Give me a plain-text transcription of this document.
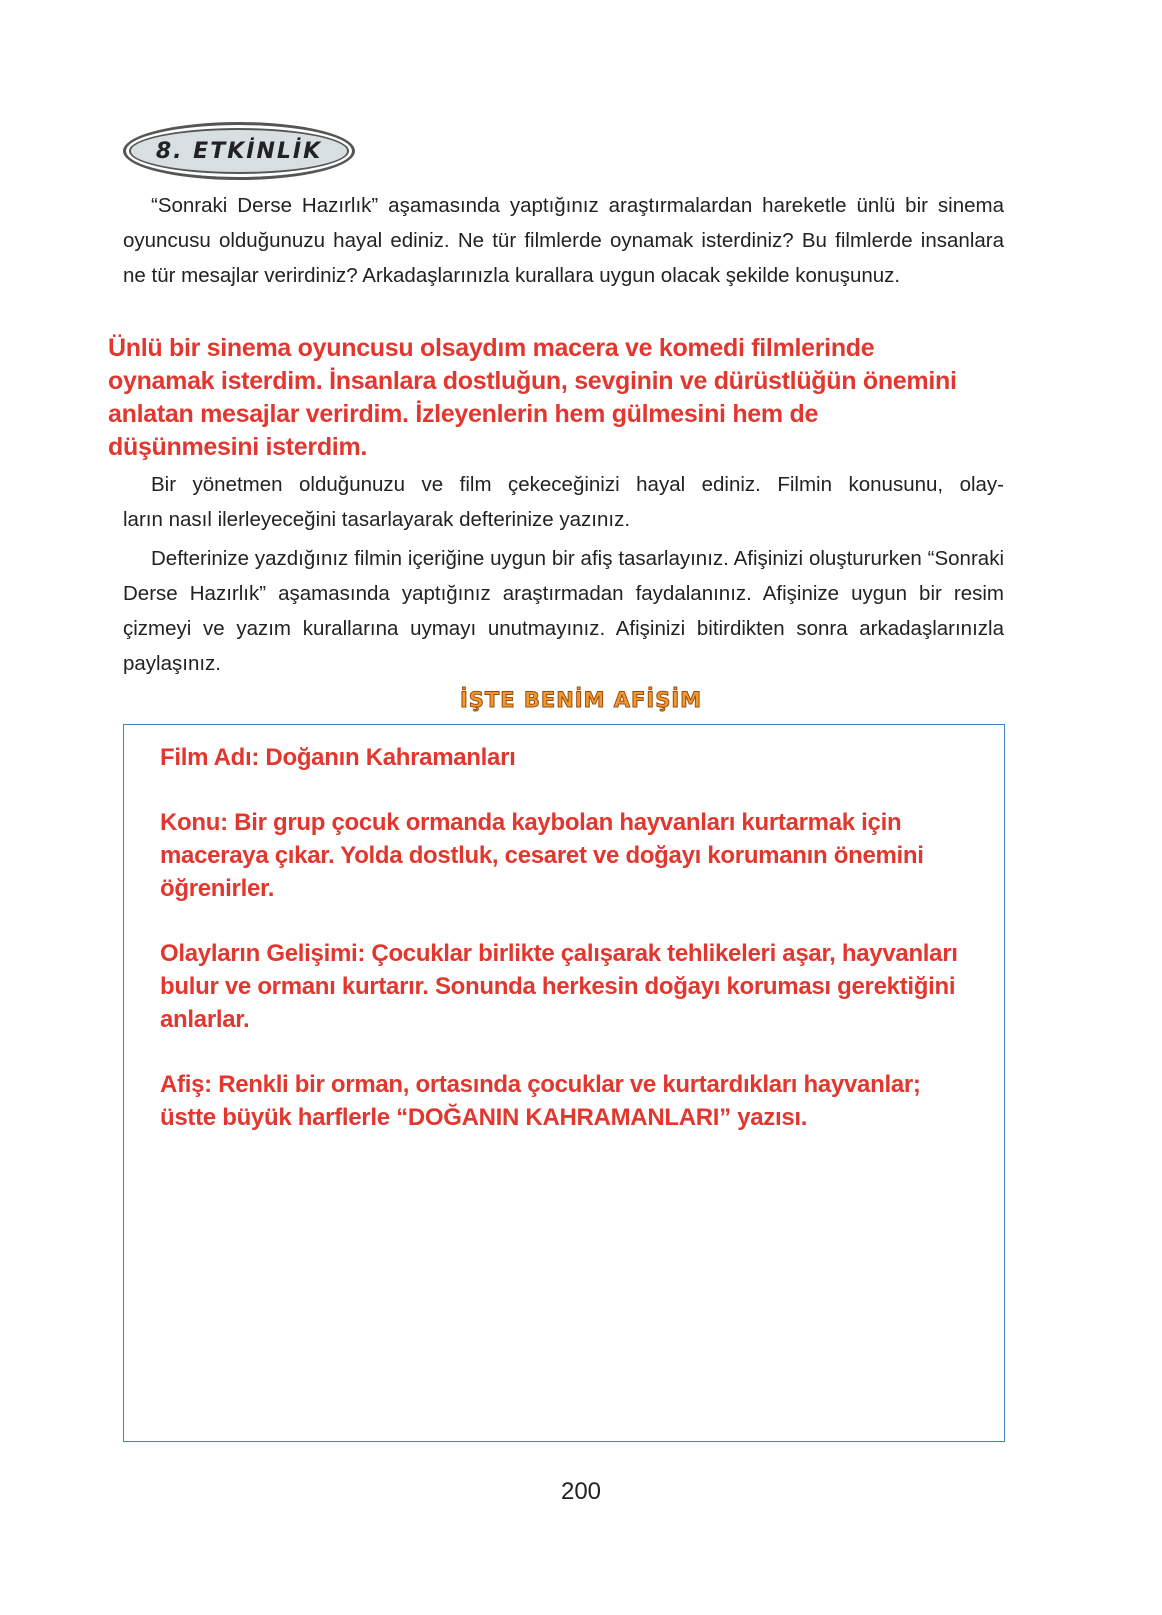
8. ETKİNLİK
“Sonraki Derse Hazırlık” aşamasında yaptığınız araştırmalardan hareketle ünlü bir sinema oyuncusu olduğunuzu hayal ediniz. Ne tür filmlerde oynamak isterdiniz? Bu filmlerde insanlara ne tür mesajlar verirdiniz? Arkadaşlarınızla kurallara uygun olacak şekilde konuşunuz.
Ünlü bir sinema oyuncusu olsaydım macera ve komedi filmlerinde
oynamak isterdim. İnsanlara dostluğun, sevginin ve dürüstlüğün önemini
anlatan mesajlar verirdim. İzleyenlerin hem gülmesini hem de
düşünmesini isterdim.
Bir yönetmen olduğunuzu ve film çekeceğinizi hayal ediniz. Filmin konusunu, olay-
ların nasıl ilerleyeceğini tasarlayarak defterinize yazınız.
Defterinize yazdığınız filmin içeriğine uygun bir afiş tasarlayınız. Afişinizi oluştururken “Sonraki Derse Hazırlık” aşamasında yaptığınız araştırmadan faydalanınız. Afişinize uygun bir resim çizmeyi ve yazım kurallarına uymayı unutmayınız. Afişinizi bitirdikten sonra arkadaşlarınızla paylaşınız.
İŞTE BENİM AFİŞİM

Film Adı: Doğanın Kahramanları

Konu: Bir grup çocuk ormanda kaybolan hayvanları kurtarmak için maceraya çıkar. Yolda dostluk, cesaret ve doğayı korumanın önemini öğrenirler.

Olayların Gelişimi: Çocuklar birlikte çalışarak tehlikeleri aşar, hayvanları bulur ve ormanı kurtarır. Sonunda herkesin doğayı koruması gerektiğini anlarlar.

Afiş: Renkli bir orman, ortasında çocuklar ve kurtardıkları hayvanlar; üstte büyük harflerle “DOĞANIN KAHRAMANLARI” yazısı.

200
